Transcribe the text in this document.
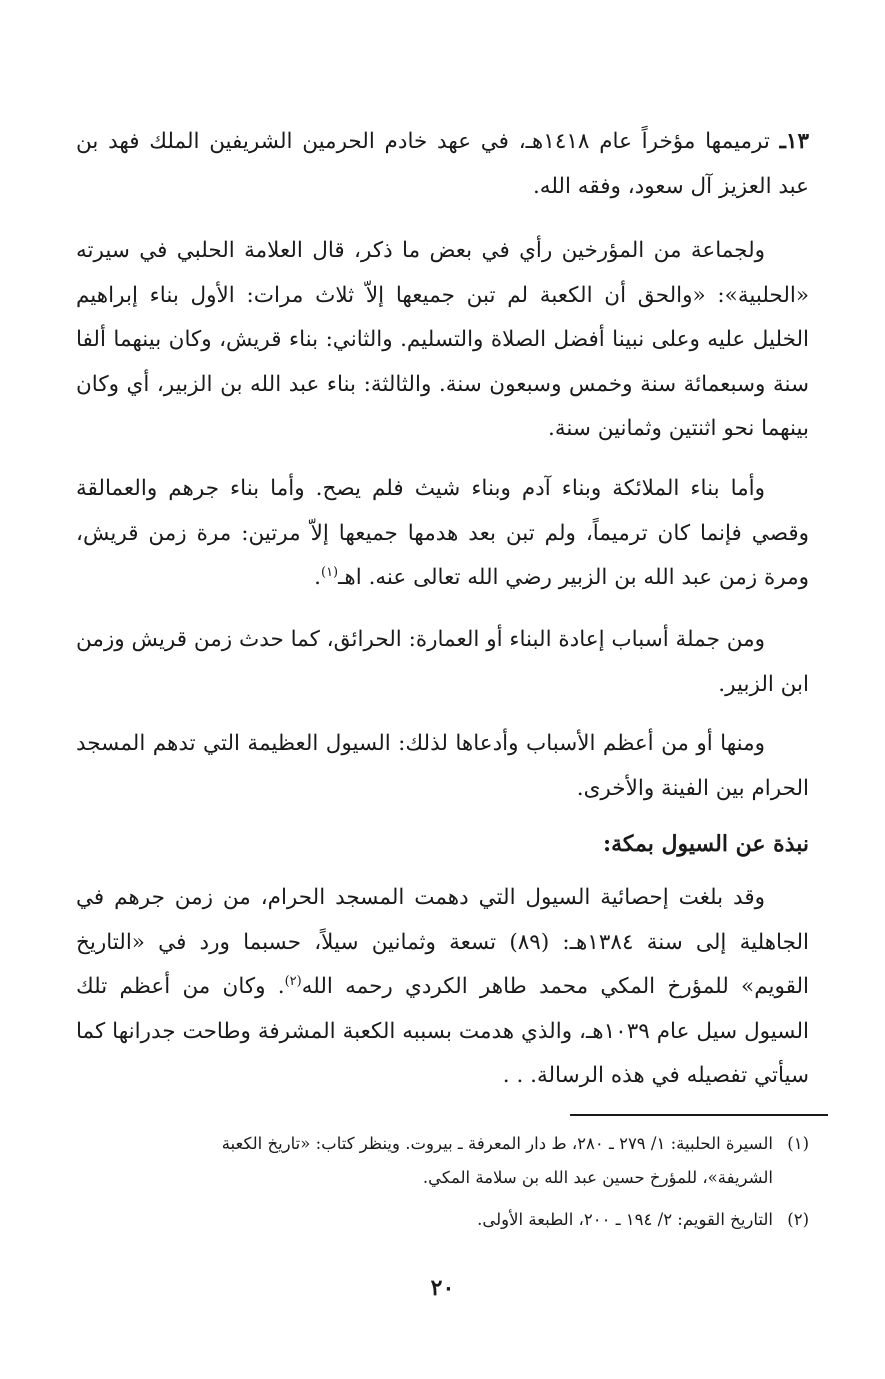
١٣ـ ترميمها مؤخراً عام ١٤١٨هـ، في عهد خادم الحرمين الشريفين الملك فهد بن عبد العزيز آل سعود، وفقه الله.

ولجماعة من المؤرخين رأي في بعض ما ذكر، قال العلامة الحلبي في سيرته «الحلبية»: «والحق أن الكعبة لم تبن جميعها إلاّ ثلاث مرات: الأول بناء إبراهيم الخليل عليه وعلى نبينا أفضل الصلاة والتسليم. والثاني: بناء قريش، وكان بينهما ألفا سنة وسبعمائة سنة وخمس وسبعون سنة. والثالثة: بناء عبد الله بن الزبير، أي وكان بينهما نحو اثنتين وثمانين سنة.

وأما بناء الملائكة وبناء آدم وبناء شيث فلم يصح. وأما بناء جرهم والعمالقة وقصي فإنما كان ترميماً، ولم تبن بعد هدمها جميعها إلاّ مرتين: مرة زمن قريش، ومرة زمن عبد الله بن الزبير رضي الله تعالى عنه. اهـ$^{(١)}$.

ومن جملة أسباب إعادة البناء أو العمارة: الحرائق، كما حدث زمن قريش وزمن ابن الزبير.

ومنها أو من أعظم الأسباب وأدعاها لذلك: السيول العظيمة التي تدهم المسجد الحرام بين الفينة والأخرى.

نبذة عن السيول بمكة:

وقد بلغت إحصائية السيول التي دهمت المسجد الحرام، من زمن جرهم في الجاهلية إلى سنة ١٣٨٤هـ: (٨٩) تسعة وثمانين سيلاً، حسبما ورد في «التاريخ القويم» للمؤرخ المكي محمد طاهر الكردي رحمه الله$^{(٢)}$. وكان من أعظم تلك السيول سيل عام ١٠٣٩هـ، والذي هدمت بسببه الكعبة المشرفة وطاحت جدرانها كما سيأتي تفصيله في هذه الرسالة. . .

(١)السيرة الحلبية: ١/ ٢٧٩ ـ ٢٨٠، ط دار المعرفة ـ بيروت. وينظر كتاب: «تاريخ الكعبة

الشريفة»، للمؤرخ حسين عبد الله بن سلامة المكي.

(٢)التاريخ القويم: ٢/ ١٩٤ ـ ٢٠٠، الطبعة الأولى.

٢٠
